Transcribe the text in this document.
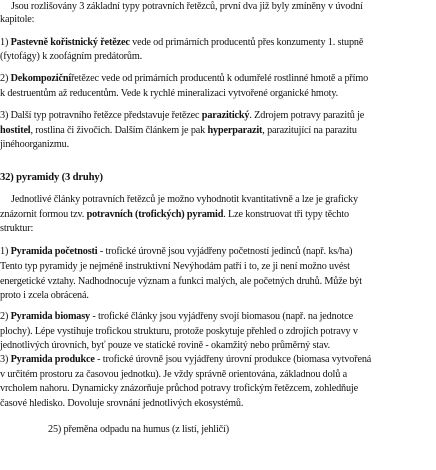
Jsou rozlišovány 3 základní typy potravních řetězců, první dva již byly zmíněny v úvodní
kapitole:
1) Pastevně kořistnický řetězec vede od primárních producentů přes konzumenty 1. stupně
(fytofágy) k zoofágním predátorům.
2) Dekompozičnířetězec vede od primárních producentů k odumřelé rostlinné hmotě a přímo
k destruentům až reducentům. Vede k rychlé mineralizaci vytvořené organické hmoty.
3) Další typ potravního řetězce představuje řetězec parazitický. Zdrojem potravy parazitů je
hostitel, rostlina či živočich. Dalším článkem je pak hyperparazit, parazitující na parazitu
jinéhoorganizmu.
32) pyramidy (3 druhy)
Jednotlivé články potravních řetězců je možno vyhodnotit kvantitativně a lze je graficky
znázornit formou tzv. potravních (trofických) pyramid. Lze konstruovat tři typy těchto
struktur:
1) Pyramida početnosti - trofické úrovně jsou vyjádřeny početností jedinců (např. ks/ha)
Tento typ pyramidy je nejméně instruktivní Nevýhodám patří i to, ze ji není možno uvést
energetické vztahy. Nadhodnocuje význam a funkci malých, ale početných druhů. Může být
proto i zcela obrácená.
2) Pyramida biomasy - trofické články jsou vyjádřeny svojí biomasou (např. na jednotce
plochy). Lépe vystihuje trofickou strukturu, protože poskytuje přehled o zdrojích potravy v
jednotlivých úrovních, byť pouze ve statické rovině - okamžitý nebo průměrný stav.
3) Pyramida produkce - trofické úrovně jsou vyjádřeny úrovní produkce (biomasa vytvořená
v určitém prostoru za časovou jednotku). Je vždy správně orientována, základnou dolů a
vrcholem nahoru. Dynamicky znázorňuje průchod potravy trofickým řetězcem, zohledňuje
časové hledisko. Dovoluje srovnání jednotlivých ekosystémů.
25) přeměna odpadu na humus (z listí, jehličí)
